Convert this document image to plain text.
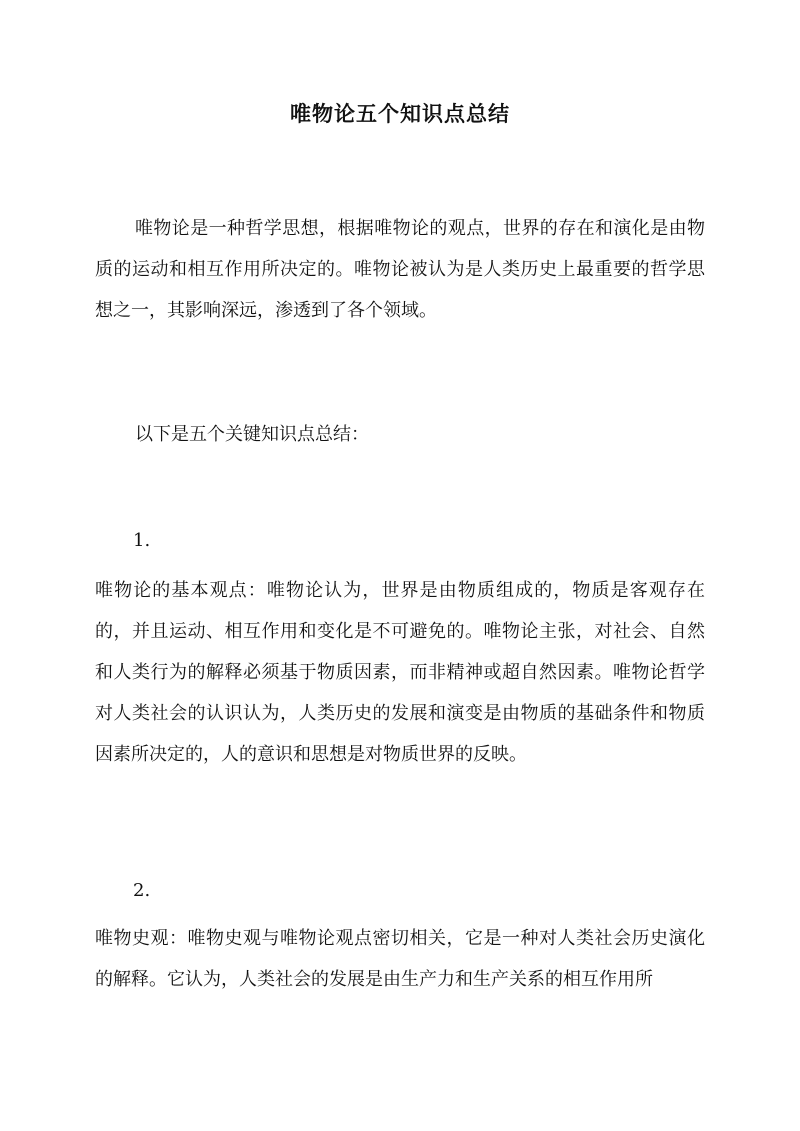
唯物论五个知识点总结

唯物论是一种哲学思想，根据唯物论的观点，世界的存在和演化是由物质的运动和相互作用所决定的。唯物论被认为是人类历史上最重要的哲学思想之一，其影响深远，渗透到了各个领域。

以下是五个关键知识点总结：

1.

唯物论的基本观点：唯物论认为，世界是由物质组成的，物质是客观存在的，并且运动、相互作用和变化是不可避免的。唯物论主张，对社会、自然和人类行为的解释必须基于物质因素，而非精神或超自然因素。唯物论哲学对人类社会的认识认为，人类历史的发展和演变是由物质的基础条件和物质因素所决定的，人的意识和思想是对物质世界的反映。

2.

唯物史观：唯物史观与唯物论观点密切相关，它是一种对人类社会历史演化的解释。它认为，人类社会的发展是由生产力和生产关系的相互作用所
